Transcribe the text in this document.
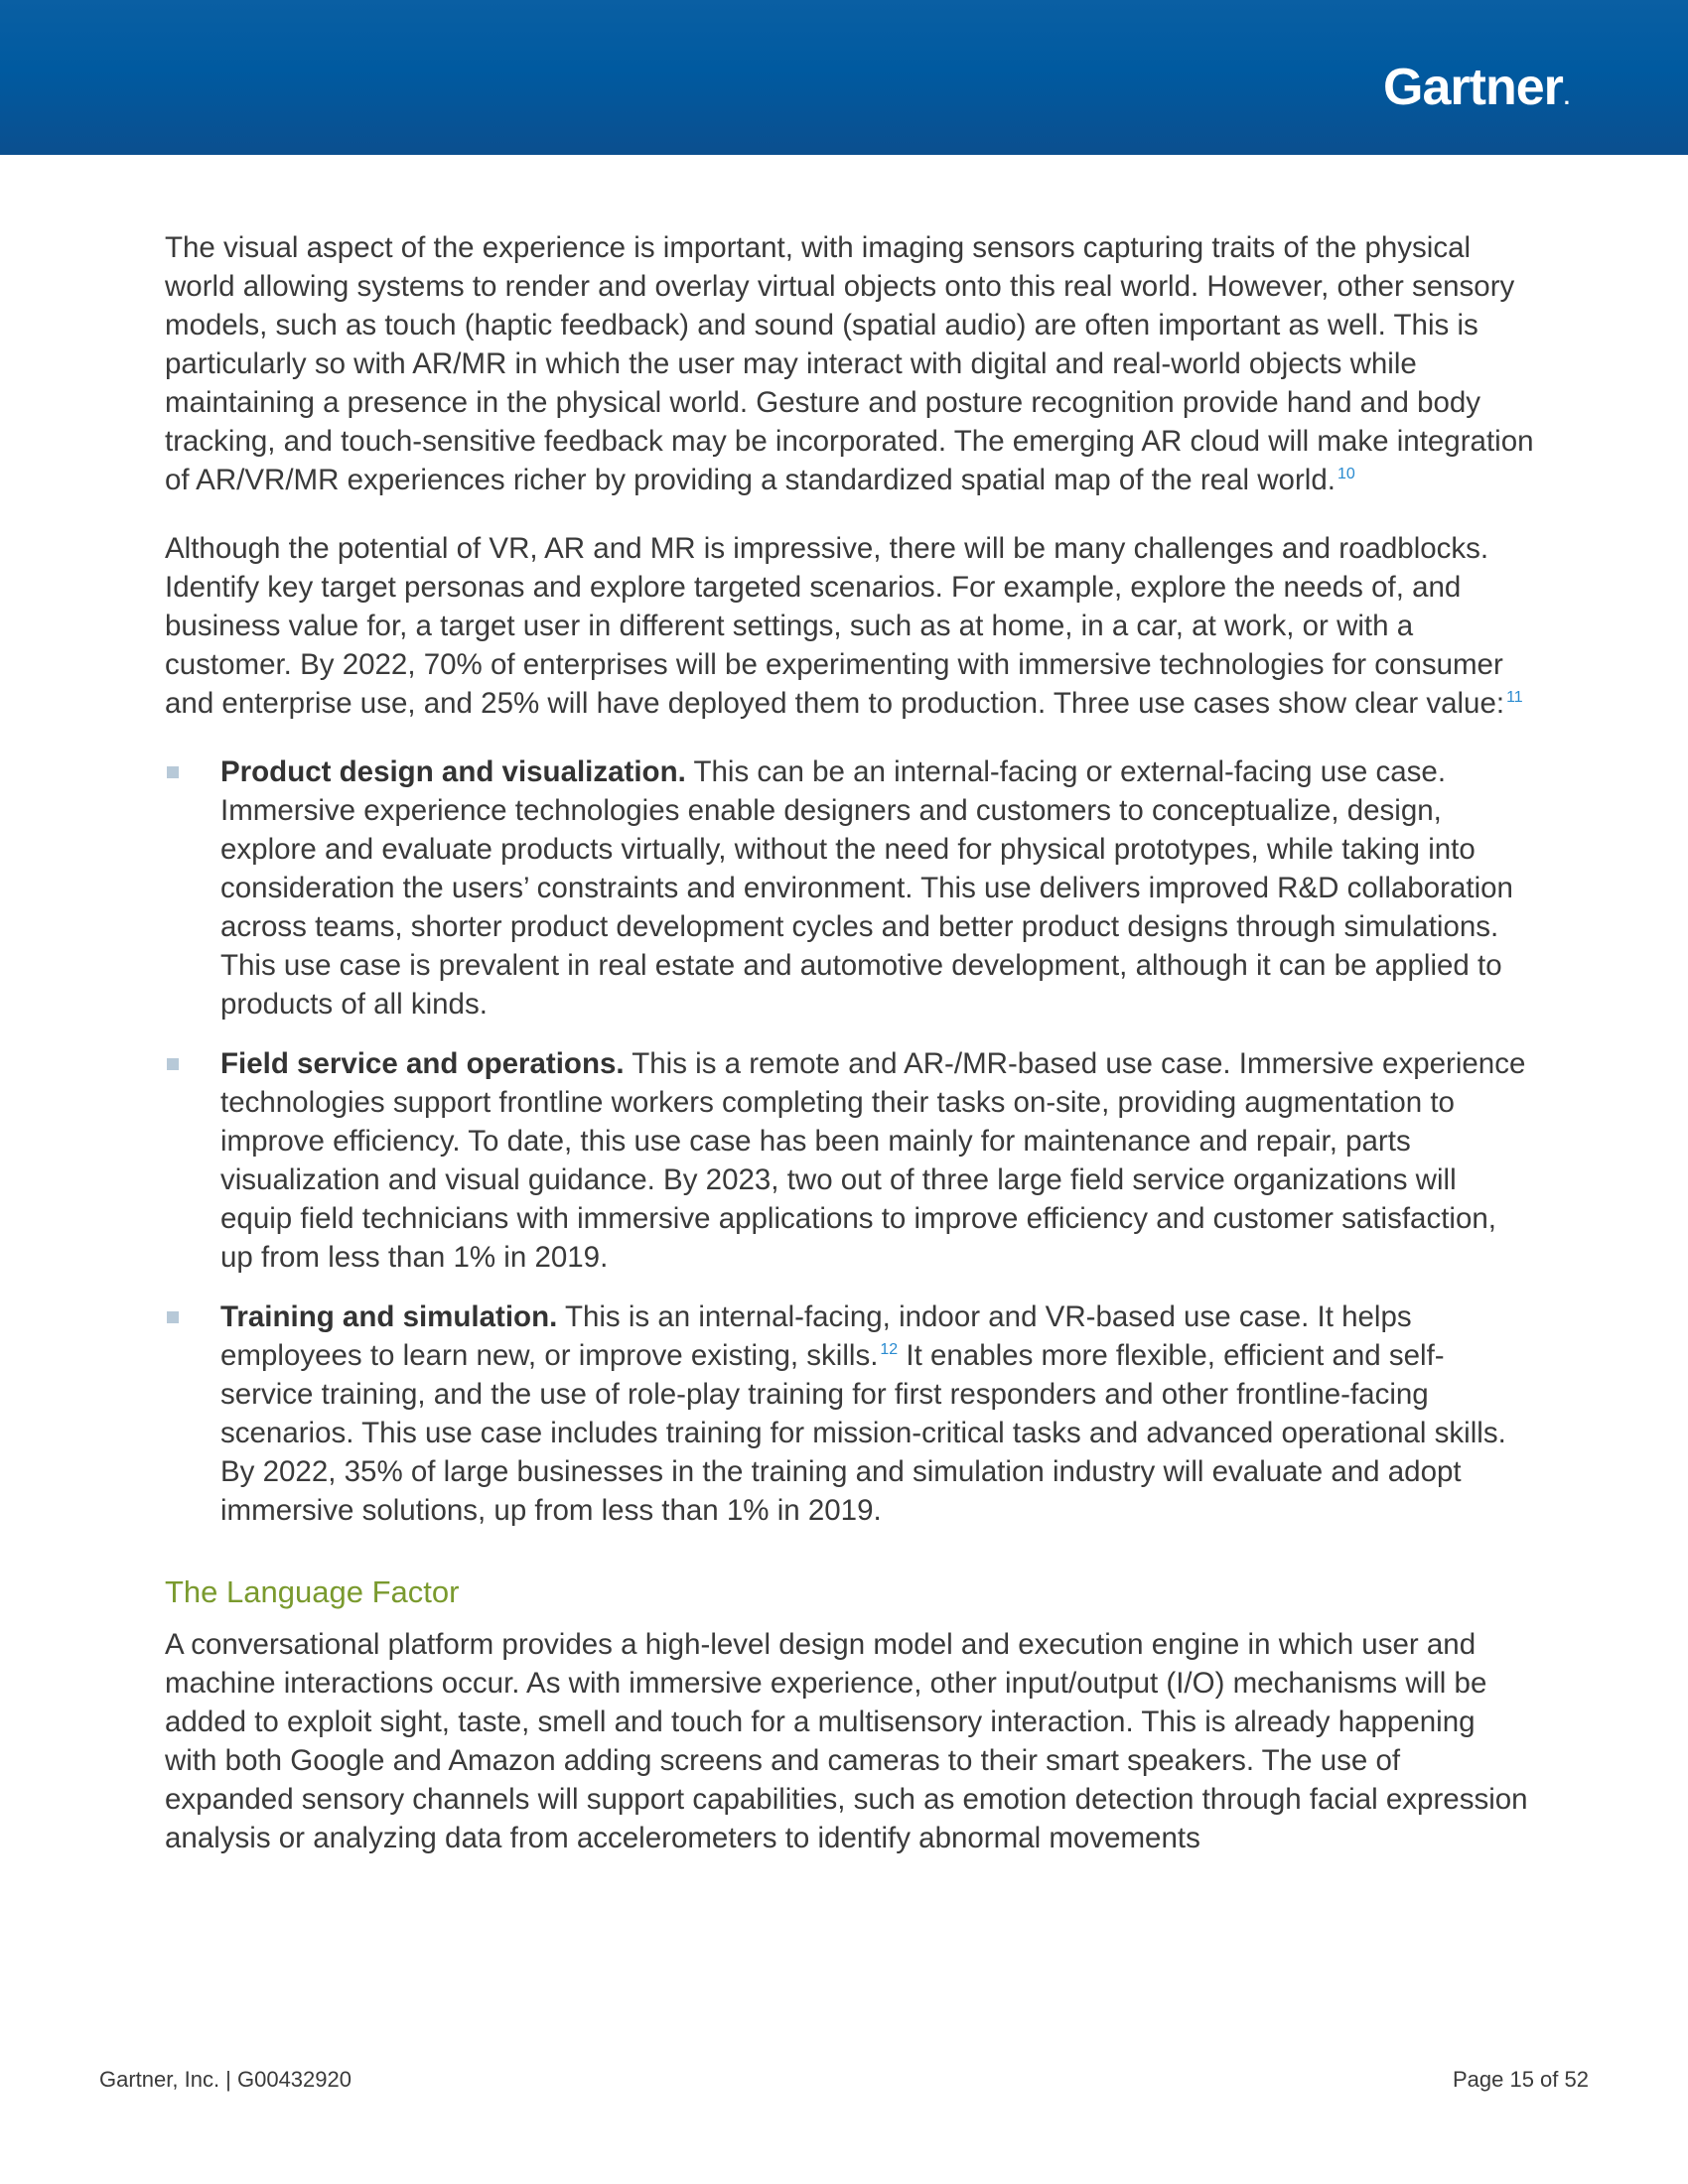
Gartner.

The visual aspect of the experience is important, with imaging sensors capturing traits of the physical world allowing systems to render and overlay virtual objects onto this real world. However, other sensory models, such as touch (haptic feedback) and sound (spatial audio) are often important as well. This is particularly so with AR/MR in which the user may interact with digital and real-world objects while maintaining a presence in the physical world. Gesture and posture recognition provide hand and body tracking, and touch-sensitive feedback may be incorporated. The emerging AR cloud will make integration of AR/VR/MR experiences richer by providing a standardized spatial map of the real world. $^{10}$

Although the potential of VR, AR and MR is impressive, there will be many challenges and roadblocks. Identify key target personas and explore targeted scenarios. For example, explore the needs of, and business value for, a target user in different settings, such as at home, in a car, at work, or with a customer. By 2022, 70% of enterprises will be experimenting with immersive technologies for consumer and enterprise use, and 25% will have deployed them to production. Three use cases show clear value: $^{11}$

Product design and visualization. This can be an internal-facing or external-facing use case. Immersive experience technologies enable designers and customers to conceptualize, design, explore and evaluate products virtually, without the need for physical prototypes, while taking into consideration the users’ constraints and environment. This use delivers improved R&D collaboration across teams, shorter product development cycles and better product designs through simulations. This use case is prevalent in real estate and automotive development, although it can be applied to products of all kinds.
Field service and operations. This is a remote and AR-/MR-based use case. Immersive experience technologies support frontline workers completing their tasks on-site, providing augmentation to improve efficiency. To date, this use case has been mainly for maintenance and repair, parts visualization and visual guidance. By 2023, two out of three large field service organizations will equip field technicians with immersive applications to improve efficiency and customer satisfaction, up from less than 1% in 2019.
Training and simulation. This is an internal-facing, indoor and VR-based use case. It helps employees to learn new, or improve existing, skills. $^{12}$ It enables more flexible, efficient and self-service training, and the use of role-play training for first responders and other frontline-facing scenarios. This use case includes training for mission-critical tasks and advanced operational skills. By 2022, 35% of large businesses in the training and simulation industry will evaluate and adopt immersive solutions, up from less than 1% in 2019.
The Language Factor

A conversational platform provides a high-level design model and execution engine in which user and machine interactions occur. As with immersive experience, other input/output (I/O) mechanisms will be added to exploit sight, taste, smell and touch for a multisensory interaction. This is already happening with both Google and Amazon adding screens and cameras to their smart speakers. The use of expanded sensory channels will support capabilities, such as emotion detection through facial expression analysis or analyzing data from accelerometers to identify abnormal movements

Gartner, Inc. | G00432920	Page 15 of 52
